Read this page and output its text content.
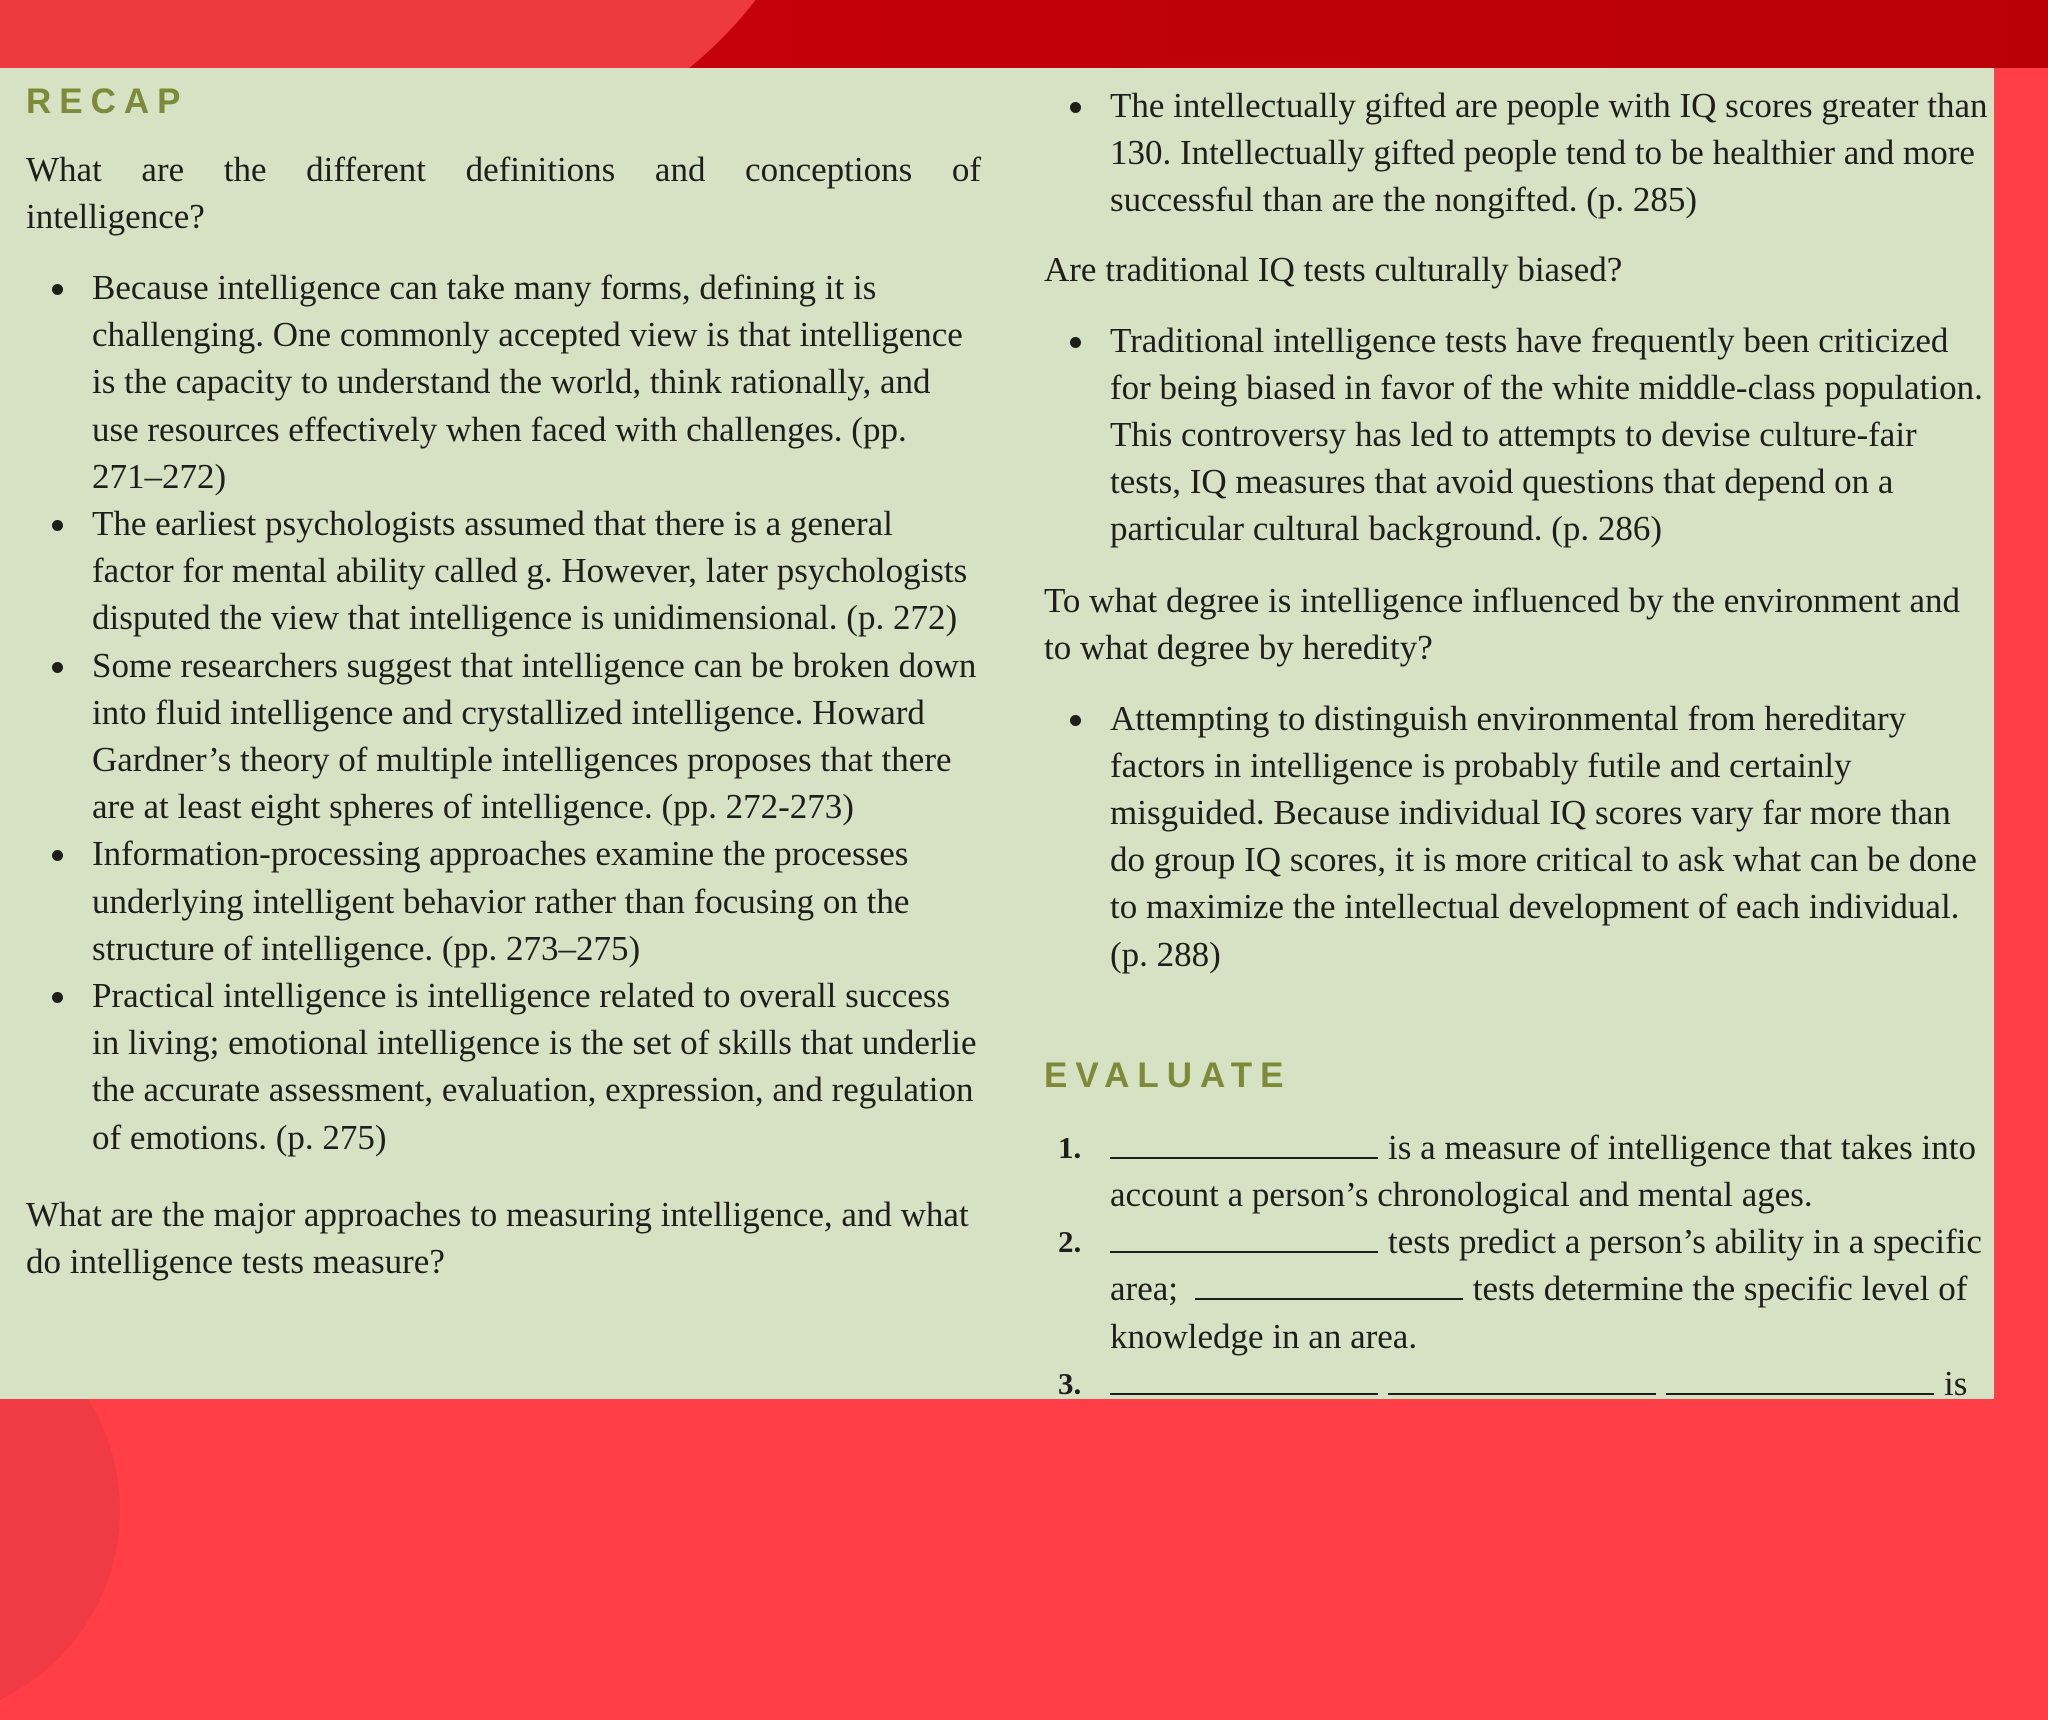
RECAP

What are the different definitions and conceptions of intelligence?

Because intelligence can take many forms, defining it is challenging. One commonly accepted view is that intelligence is the capacity to understand the world, think rationally, and use resources effectively when faced with challenges. (pp. 271–272)
The earliest psychologists assumed that there is a general factor for mental ability called g. However, later psychologists disputed the view that intelligence is unidimensional. (p. 272)
Some researchers suggest that intelligence can be broken down into fluid intelligence and crystallized intelligence. Howard Gardner’s theory of multiple intelligences proposes that there are at least eight spheres of intelligence. (pp. 272-273)
Information-processing approaches examine the processes underlying intelligent behavior rather than focusing on the structure of intelligence. (pp. 273–275)
Practical intelligence is intelligence related to overall success in living; emotional intelligence is the set of skills that underlie the accurate assessment, evaluation, expression, and regulation of emotions. (p. 275)

What are the major approaches to measuring intelligence, and what do intelligence tests measure?

The intellectually gifted are people with IQ scores greater than 130. Intellectually gifted people tend to be healthier and more successful than are the nongifted. (p. 285)

Are traditional IQ tests culturally biased?

Traditional intelligence tests have frequently been criticized for being biased in favor of the white middle-class population. This controversy has led to attempts to devise culture-fair tests, IQ measures that avoid questions that depend on a particular cultural background. (p. 286)

To what degree is intelligence influenced by the environment and to what degree by heredity?

Attempting to distinguish environmental from hereditary factors in intelligence is probably futile and certainly misguided. Because individual IQ scores vary far more than do group IQ scores, it is more critical to ask what can be done to maximize the intellectual development of each individual. (p. 288)
EVALUATE
1.	is a measure of intelligence that takes into account a person’s chronological and mental ages.
2.	tests predict a person’s ability in a specific area;	tests determine the specific level of knowledge in an area.
3.	is
